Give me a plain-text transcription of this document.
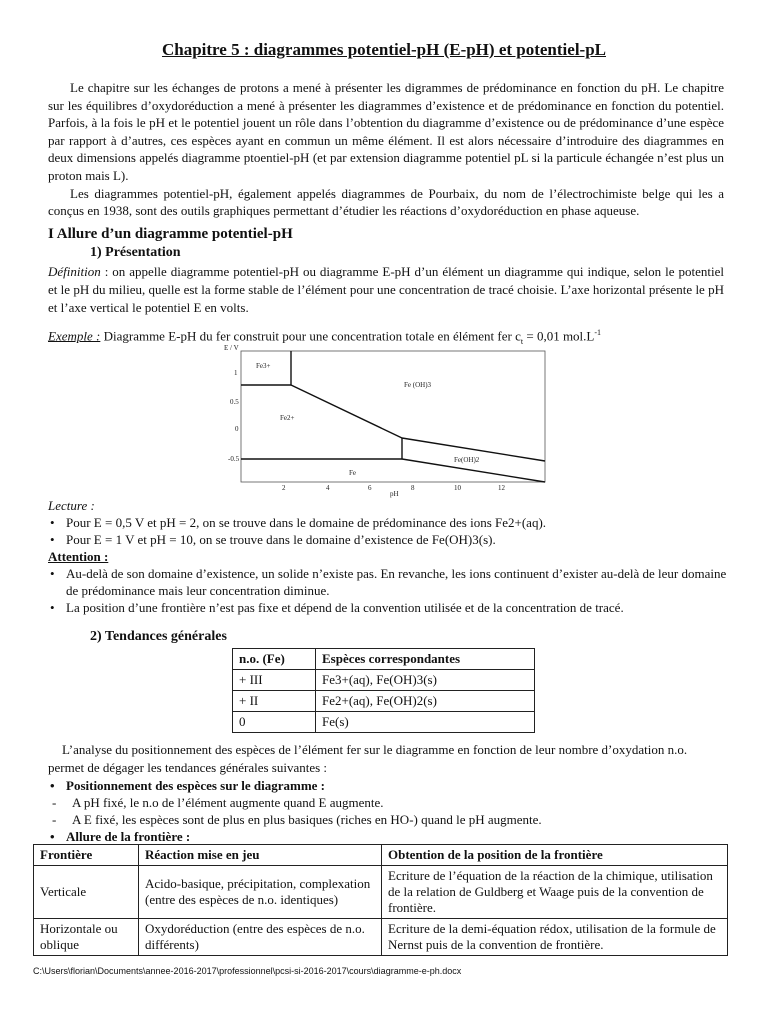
Chapitre 5 : diagrammes potentiel-pH (E-pH) et potentiel-pL

Le chapitre sur les échanges de protons a mené à présenter les digrammes de prédominance en fonction du pH. Le chapitre sur les équilibres d’oxydoréduction a mené à présenter les diagrammes d’existence et de prédominance en fonction du potentiel. Parfois, à la fois le pH et le potentiel jouent un rôle dans l’obtention du diagramme d’existence ou de prédominance d’une espèce par rapport à d’autres, ces espèces ayant en commun un même élément. Il est alors nécessaire d’introduire des diagrammes en deux dimensions appelés diagramme ptoentiel-pH (et par extension diagramme potentiel pL si la particule échangée n’est plus un proton mais L).

Les diagrammes potentiel-pH, également appelés diagrammes de Pourbaix, du nom de l’électrochimiste belge qui les a conçus en 1938, sont des outils graphiques permettant d’étudier les réactions d’oxydoréduction en phase aqueuse.

I Allure d’un diagramme potentiel-pH
1) Présentation
Définition : on appelle diagramme potentiel-pH ou diagramme E-pH d’un élément un diagramme qui indique, selon le potentiel et le pH du milieu, quelle est la forme stable de l’élément pour une concentration de tracé choisie. L’axe horizontal présente le pH et l’axe vertical le potentiel E en volts.
Exemple : Diagramme E-pH du fer construit pour une concentration totale en élément fer $c_t = 0,01$ $mol.L^{-1}$
E / V
pH
2	4	6	8	10	12
1
0.5
0
-0.5
Fe3+
Fe (OH)3
Fe2+
Fe(OH)2
Fe
Lecture :
• Pour E = 0,5 V et pH = 2, on se trouve dans le domaine de prédominance des ions Fe2+(aq).
• Pour E = 1 V et pH = 10, on se trouve dans le domaine d’existence de Fe(OH)3(s).
Attention :
• Au-delà de son domaine d’existence, un solide n’existe pas. En revanche, les ions continuent d’exister au-delà de leur domaine de prédominance mais leur concentration diminue.
• La position d’une frontière n’est pas fixe et dépend de la convention utilisée et de la concentration de tracé.
2) Tendances générales
n.o. (Fe)	Espèces correspondantes
+ III	Fe3+(aq), Fe(OH)3(s)
+ II	Fe2+(aq), Fe(OH)2(s)
0	Fe(s)
L’analyse du positionnement des espèces de l’élément fer sur le diagramme en fonction de leur nombre d’oxydation n.o. permet de dégager les tendances générales suivantes :
• Positionnement des espèces sur le diagramme :
- A pH fixé, le n.o de l’élément augmente quand E augmente.
- A E fixé, les espèces sont de plus en plus basiques (riches en HO-) quand le pH augmente.
• Allure de la frontière :
Frontière	Réaction mise en jeu	Obtention de la position de la frontière
Verticale	Acido-basique, précipitation, complexation (entre des espèces de n.o. identiques)	Ecriture de l’équation de la réaction de la chimique, utilisation de la relation de Guldberg et Waage puis de la convention de frontière.
Horizontale ou oblique	Oxydoréduction (entre des espèces de n.o. différents)	Ecriture de la demi-équation rédox, utilisation de la formule de Nernst puis de la convention de frontière.
C:\Users\florian\Documents\annee-2016-2017\professionnel\pcsi-si-2016-2017\cours\diagramme-e-ph.docx
